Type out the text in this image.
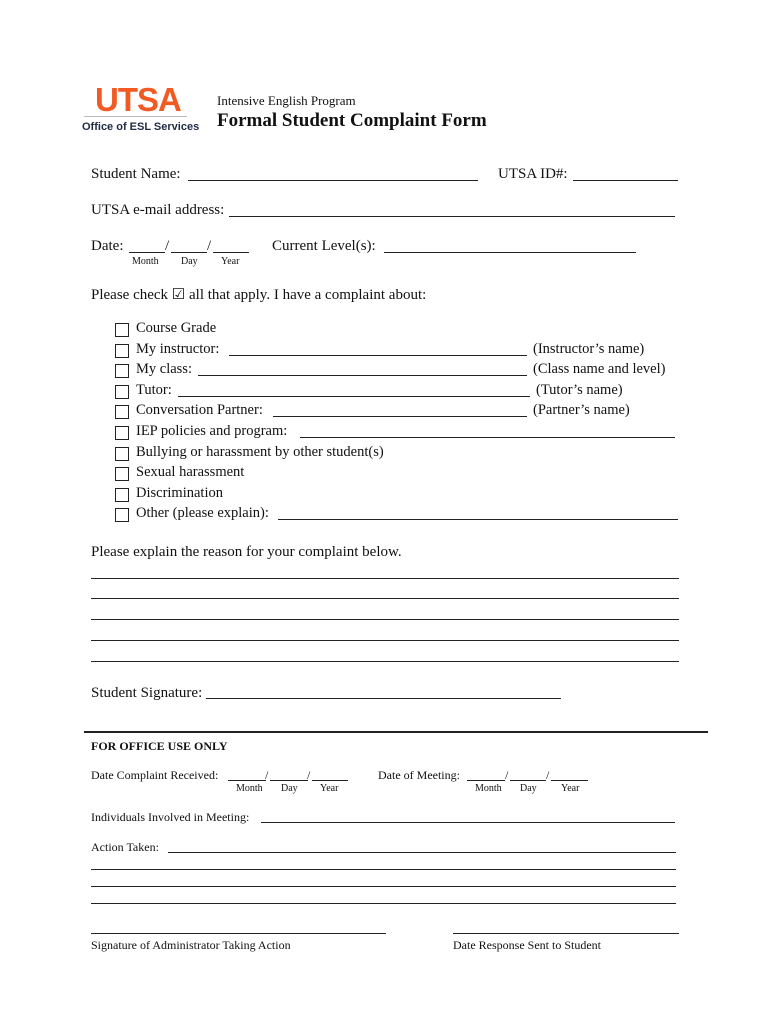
UTSA
Office of ESL Services
Intensive English Program
Formal Student Complaint Form
Student Name:	UTSA ID#:
UTSA e-mail address:
Date:	/	/
Month Day Year
Current Level(s):
Please check ☑ all that apply. I have a complaint about:
Course Grade
My instructor:	(Instructor’s name)
My class:	(Class name and level)
Tutor:	(Tutor’s name)
Conversation Partner:	(Partner’s name)
IEP policies and program:
Bullying or harassment by other student(s)
Sexual harassment
Discrimination
Other (please explain):
Please explain the reason for your complaint below.
Student Signature:
FOR OFFICE USE ONLY
Date Complaint Received:	/	/
Month Day Year
Date of Meeting:	/	/
Month Day Year
Individuals Involved in Meeting:
Action Taken:
Signature of Administrator Taking Action	Date Response Sent to Student
